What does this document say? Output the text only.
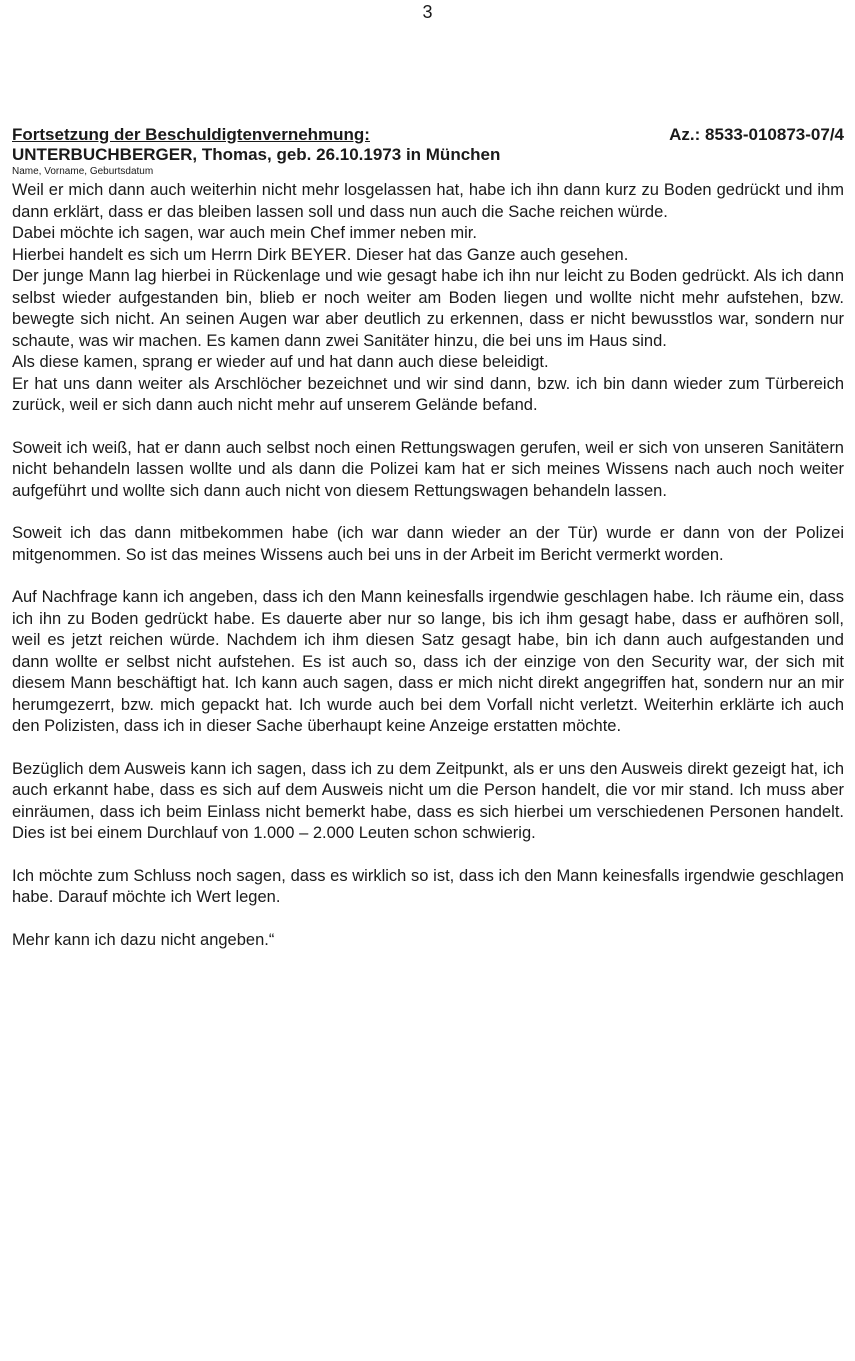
3
Fortsetzung der Beschuldigtenvernehmung:	Az.: 8533-010873-07/4
UNTERBUCHBERGER, Thomas, geb. 26.10.1973 in München
Name, Vorname, Geburtsdatum

Weil er mich dann auch weiterhin nicht mehr losgelassen hat, habe ich ihn dann kurz zu Boden gedrückt und ihm dann erklärt, dass er das bleiben lassen soll und dass nun auch die Sache reichen würde.

Dabei möchte ich sagen, war auch mein Chef immer neben mir.

Hierbei handelt es sich um Herrn Dirk BEYER. Dieser hat das Ganze auch gesehen.

Der junge Mann lag hierbei in Rückenlage und wie gesagt habe ich ihn nur leicht zu Boden gedrückt. Als ich dann selbst wieder aufgestanden bin, blieb er noch weiter am Boden liegen und wollte nicht mehr aufstehen, bzw. bewegte sich nicht. An seinen Augen war aber deutlich zu erkennen, dass er nicht bewusstlos war, sondern nur schaute, was wir machen. Es kamen dann zwei Sanitäter hinzu, die bei uns im Haus sind.

Als diese kamen, sprang er wieder auf und hat dann auch diese beleidigt.

Er hat uns dann weiter als Arschlöcher bezeichnet und wir sind dann, bzw. ich bin dann wieder zum Türbereich zurück, weil er sich dann auch nicht mehr auf unserem Gelände befand.

Soweit ich weiß, hat er dann auch selbst noch einen Rettungswagen gerufen, weil er sich von unseren Sanitätern nicht behandeln lassen wollte und als dann die Polizei kam hat er sich meines Wissens nach auch noch weiter aufgeführt und wollte sich dann auch nicht von diesem Rettungswagen behandeln lassen.

Soweit ich das dann mitbekommen habe (ich war dann wieder an der Tür) wurde er dann von der Polizei mitgenommen. So ist das meines Wissens auch bei uns in der Arbeit im Bericht vermerkt worden.

Auf Nachfrage kann ich angeben, dass ich den Mann keinesfalls irgendwie geschlagen habe. Ich räume ein, dass ich ihn zu Boden gedrückt habe. Es dauerte aber nur so lange, bis ich ihm gesagt habe, dass er aufhören soll, weil es jetzt reichen würde. Nachdem ich ihm diesen Satz gesagt habe, bin ich dann auch aufgestanden und dann wollte er selbst nicht aufstehen. Es ist auch so, dass ich der einzige von den Security war, der sich mit diesem Mann beschäftigt hat. Ich kann auch sagen, dass er mich nicht direkt angegriffen hat, sondern nur an mir herumgezerrt, bzw. mich gepackt hat. Ich wurde auch bei dem Vorfall nicht verletzt. Weiterhin erklärte ich auch den Polizisten, dass ich in dieser Sache überhaupt keine Anzeige erstatten möchte.

Bezüglich dem Ausweis kann ich sagen, dass ich zu dem Zeitpunkt, als er uns den Ausweis direkt gezeigt hat, ich auch erkannt habe, dass es sich auf dem Ausweis nicht um die Person handelt, die vor mir stand. Ich muss aber einräumen, dass ich beim Einlass nicht bemerkt habe, dass es sich hierbei um verschiedenen Personen handelt. Dies ist bei einem Durchlauf von 1.000 – 2.000 Leuten schon schwierig.

Ich möchte zum Schluss noch sagen, dass es wirklich so ist, dass ich den Mann keinesfalls irgendwie geschlagen habe. Darauf möchte ich Wert legen.

Mehr kann ich dazu nicht angeben.“
